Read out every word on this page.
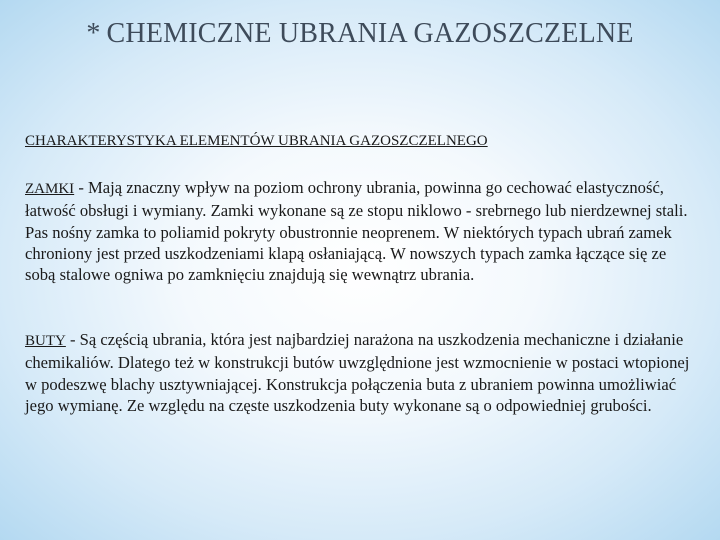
* CHEMICZNE UBRANIA GAZOSZCZELNE
CHARAKTERYSTYKA ELEMENTÓW UBRANIA GAZOSZCZELNEGO
ZAMKI - Mają znaczny wpływ na poziom ochrony ubrania, powinna go cechować elastyczność, łatwość obsługi i wymiany. Zamki wykonane są ze stopu niklowo - srebrnego lub nierdzewnej stali. Pas nośny zamka to poliamid pokryty obustronnie neoprenem. W niektórych typach ubrań zamek chroniony jest przed uszkodzeniami klapą osłaniającą. W nowszych typach zamka łączące się ze sobą stalowe ogniwa po zamknięciu znajdują się wewnątrz ubrania.
BUTY - Są częścią ubrania, która jest najbardziej narażona na uszkodzenia mechaniczne i działanie chemikaliów. Dlatego też w konstrukcji butów uwzględnione jest wzmocnienie w postaci wtopionej w podeszwę blachy usztywniającej. Konstrukcja połączenia buta z ubraniem powinna umożliwiać jego wymianę. Ze względu na częste uszkodzenia buty wykonane są o odpowiedniej grubości.
